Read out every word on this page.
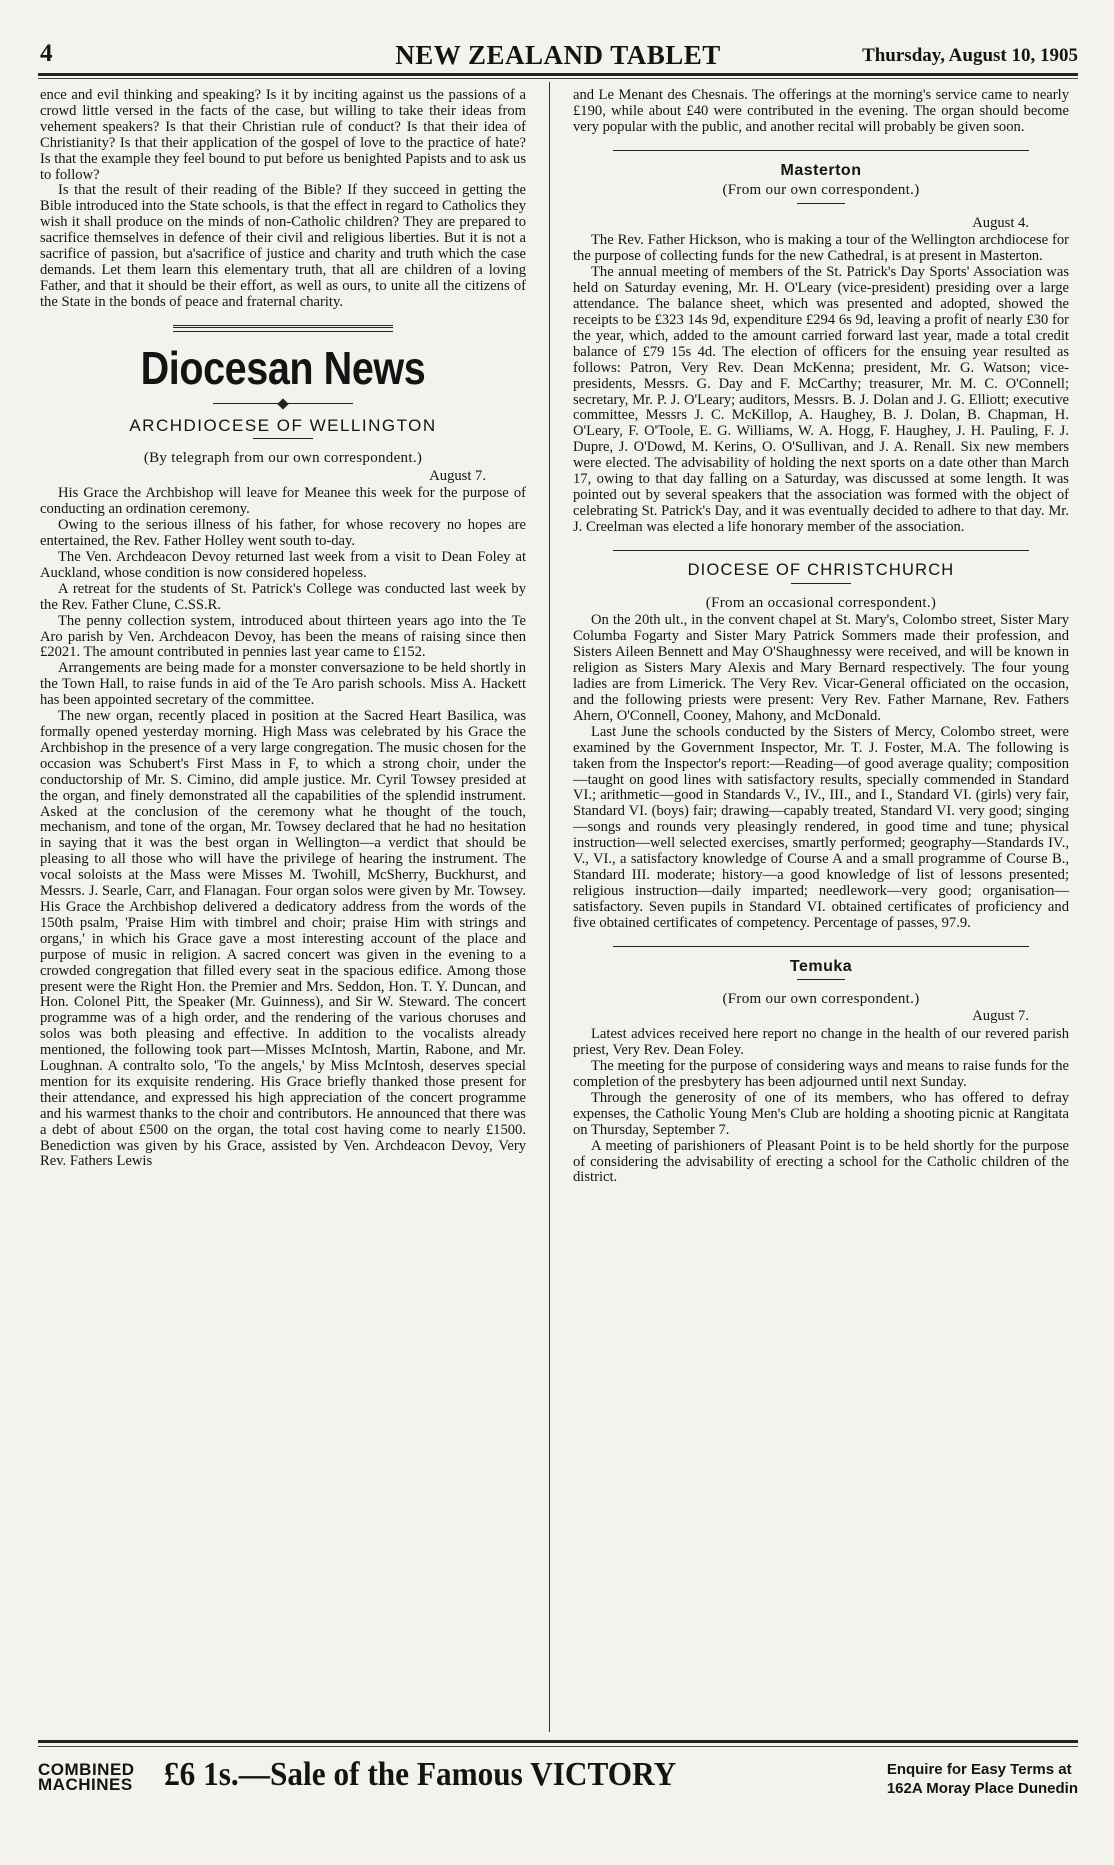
4	NEW ZEALAND TABLET	Thursday, August 10, 1905

ence and evil thinking and speaking? Is it by inciting against us the passions of a crowd little versed in the facts of the case, but willing to take their ideas from vehement speakers? Is that their Christian rule of conduct? Is that their idea of Christianity? Is that their application of the gospel of love to the practice of hate? Is that the example they feel bound to put before us benighted Papists and to ask us to follow?

Is that the result of their reading of the Bible? If they succeed in getting the Bible introduced into the State schools, is that the effect in regard to Catholics they wish it shall produce on the minds of non-Catholic children? They are prepared to sacrifice themselves in defence of their civil and religious liberties. But it is not a sacrifice of passion, but a'sacrifice of justice and charity and truth which the case demands. Let them learn this elementary truth, that all are children of a loving Father, and that it should be their effort, as well as ours, to unite all the citizens of the State in the bonds of peace and fraternal charity.

Diocesan News
ARCHDIOCESE OF WELLINGTON
(By telegraph from our own correspondent.)
August 7.

His Grace the Archbishop will leave for Meanee this week for the purpose of conducting an ordination ceremony.

Owing to the serious illness of his father, for whose recovery no hopes are entertained, the Rev. Father Holley went south to-day.

The Ven. Archdeacon Devoy returned last week from a visit to Dean Foley at Auckland, whose condition is now considered hopeless.

A retreat for the students of St. Patrick's College was conducted last week by the Rev. Father Clune, C.SS.R.

The penny collection system, introduced about thirteen years ago into the Te Aro parish by Ven. Archdeacon Devoy, has been the means of raising since then £2021. The amount contributed in pennies last year came to £152.

Arrangements are being made for a monster conversazione to be held shortly in the Town Hall, to raise funds in aid of the Te Aro parish schools. Miss A. Hackett has been appointed secretary of the committee.

The new organ, recently placed in position at the Sacred Heart Basilica, was formally opened yesterday morning. High Mass was celebrated by his Grace the Archbishop in the presence of a very large congregation. The music chosen for the occasion was Schubert's First Mass in F, to which a strong choir, under the conductorship of Mr. S. Cimino, did ample justice. Mr. Cyril Towsey presided at the organ, and finely demonstrated all the capabilities of the splendid instrument. Asked at the conclusion of the ceremony what he thought of the touch, mechanism, and tone of the organ, Mr. Towsey declared that he had no hesitation in saying that it was the best organ in Wellington—a verdict that should be pleasing to all those who will have the privilege of hearing the instrument. The vocal soloists at the Mass were Misses M. Twohill, McSherry, Buckhurst, and Messrs. J. Searle, Carr, and Flanagan. Four organ solos were given by Mr. Towsey. His Grace the Archbishop delivered a dedicatory address from the words of the 150th psalm, 'Praise Him with timbrel and choir; praise Him with strings and organs,' in which his Grace gave a most interesting account of the place and purpose of music in religion. A sacred concert was given in the evening to a crowded congregation that filled every seat in the spacious edifice. Among those present were the Right Hon. the Premier and Mrs. Seddon, Hon. T. Y. Duncan, and Hon. Colonel Pitt, the Speaker (Mr. Guinness), and Sir W. Steward. The concert programme was of a high order, and the rendering of the various choruses and solos was both pleasing and effective. In addition to the vocalists already mentioned, the following took part—Misses McIntosh, Martin, Rabone, and Mr. Loughnan. A contralto solo, 'To the angels,' by Miss McIntosh, deserves special mention for its exquisite rendering. His Grace briefly thanked those present for their attendance, and expressed his high appreciation of the concert programme and his warmest thanks to the choir and contributors. He announced that there was a debt of about £500 on the organ, the total cost having come to nearly £1500. Benediction was given by his Grace, assisted by Ven. Archdeacon Devoy, Very Rev. Fathers Lewis

and Le Menant des Chesnais. The offerings at the morning's service came to nearly £190, while about £40 were contributed in the evening. The organ should become very popular with the public, and another recital will probably be given soon.

Masterton
(From our own correspondent.)
August 4.

The Rev. Father Hickson, who is making a tour of the Wellington archdiocese for the purpose of collecting funds for the new Cathedral, is at present in Masterton.

The annual meeting of members of the St. Patrick's Day Sports' Association was held on Saturday evening, Mr. H. O'Leary (vice-president) presiding over a large attendance. The balance sheet, which was presented and adopted, showed the receipts to be £323 14s 9d, expenditure £294 6s 9d, leaving a profit of nearly £30 for the year, which, added to the amount carried forward last year, made a total credit balance of £79 15s 4d. The election of officers for the ensuing year resulted as follows: Patron, Very Rev. Dean McKenna; president, Mr. G. Watson; vice-presidents, Messrs. G. Day and F. McCarthy; treasurer, Mr. M. C. O'Connell; secretary, Mr. P. J. O'Leary; auditors, Messrs. B. J. Dolan and J. G. Elliott; executive committee, Messrs J. C. McKillop, A. Haughey, B. J. Dolan, B. Chapman, H. O'Leary, F. O'Toole, E. G. Williams, W. A. Hogg, F. Haughey, J. H. Pauling, F. J. Dupre, J. O'Dowd, M. Kerins, O. O'Sullivan, and J. A. Renall. Six new members were elected. The advisability of holding the next sports on a date other than March 17, owing to that day falling on a Saturday, was discussed at some length. It was pointed out by several speakers that the association was formed with the object of celebrating St. Patrick's Day, and it was eventually decided to adhere to that day. Mr. J. Creelman was elected a life honorary member of the association.

DIOCESE OF CHRISTCHURCH
(From an occasional correspondent.)

On the 20th ult., in the convent chapel at St. Mary's, Colombo street, Sister Mary Columba Fogarty and Sister Mary Patrick Sommers made their profession, and Sisters Aileen Bennett and May O'Shaughnessy were received, and will be known in religion as Sisters Mary Alexis and Mary Bernard respectively. The four young ladies are from Limerick. The Very Rev. Vicar-General officiated on the occasion, and the following priests were present: Very Rev. Father Marnane, Rev. Fathers Ahern, O'Connell, Cooney, Mahony, and McDonald.

Last June the schools conducted by the Sisters of Mercy, Colombo street, were examined by the Government Inspector, Mr. T. J. Foster, M.A. The following is taken from the Inspector's report:—Reading—of good average quality; composition—taught on good lines with satisfactory results, specially commended in Standard VI.; arithmetic—good in Standards V., IV., III., and I., Standard VI. (girls) very fair, Standard VI. (boys) fair; drawing—capably treated, Standard VI. very good; singing—songs and rounds very pleasingly rendered, in good time and tune; physical instruction—well selected exercises, smartly performed; geography—Standards IV., V., VI., a satisfactory knowledge of Course A and a small programme of Course B., Standard III. moderate; history—a good knowledge of list of lessons presented; religious instruction—daily imparted; needlework—very good; organisation—satisfactory. Seven pupils in Standard VI. obtained certificates of proficiency and five obtained certificates of competency. Percentage of passes, 97.9.

Temuka
(From our own correspondent.)
August 7.

Latest advices received here report no change in the health of our revered parish priest, Very Rev. Dean Foley.

The meeting for the purpose of considering ways and means to raise funds for the completion of the presbytery has been adjourned until next Sunday.

Through the generosity of one of its members, who has offered to defray expenses, the Catholic Young Men's Club are holding a shooting picnic at Rangitata on Thursday, September 7.

A meeting of parishioners of Pleasant Point is to be held shortly for the purpose of considering the advisability of erecting a school for the Catholic children of the district.

COMBINED
MACHINES £6 1s.—Sale of the Famous VICTORY	Enquire for Easy Terms at
162A Moray Place Dunedin
